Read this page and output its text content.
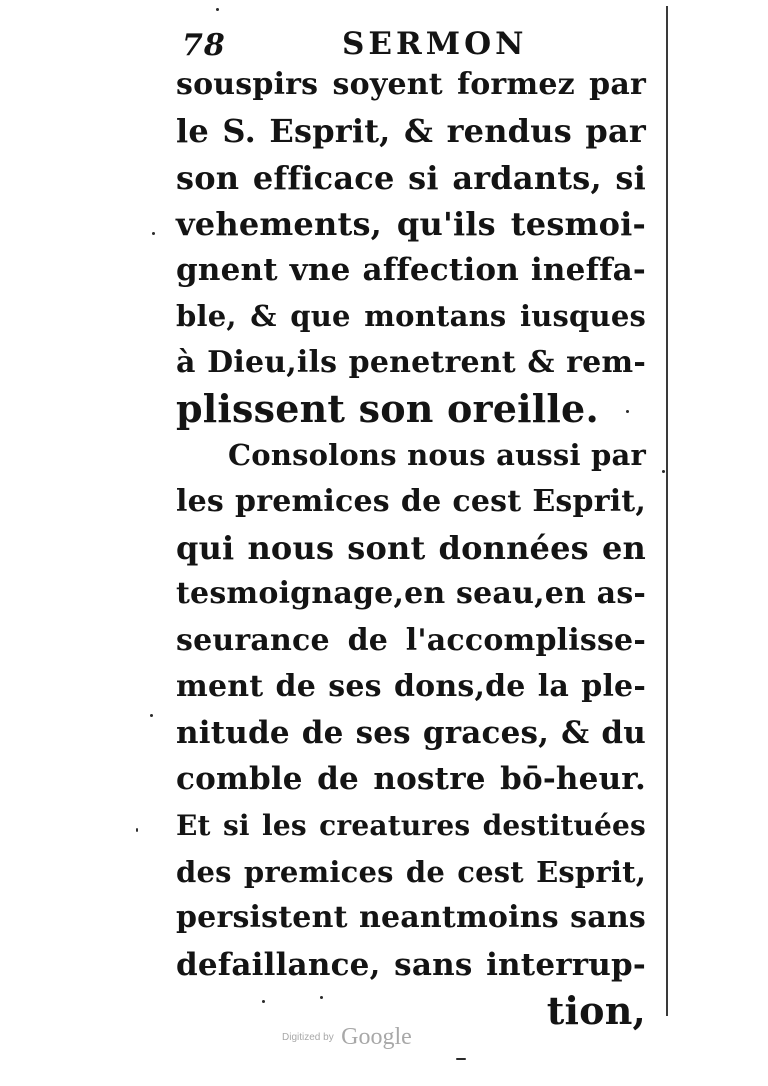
78	SERMON
souspirs soyent formez par
le S. Esprit, & rendus par
son efficace si ardants, si
vehements, qu'ils tesmoi-
gnent vne affection ineffa-
ble, & que montans iusques
à Dieu,ils penetrent & rem-
plissent son oreille.
Consolons nous aussi par
les premices de cest Esprit,
qui nous sont données en
tesmoignage,en seau,en as-
seurance de l'accomplisse-
ment de ses dons,de la ple-
nitude de ses graces, & du
comble de nostre bō-heur.
Et si les creatures destituées
des premices de cest Esprit,
persistent neantmoins sans
defaillance, sans interrup-
tion,
Digitized by Google
